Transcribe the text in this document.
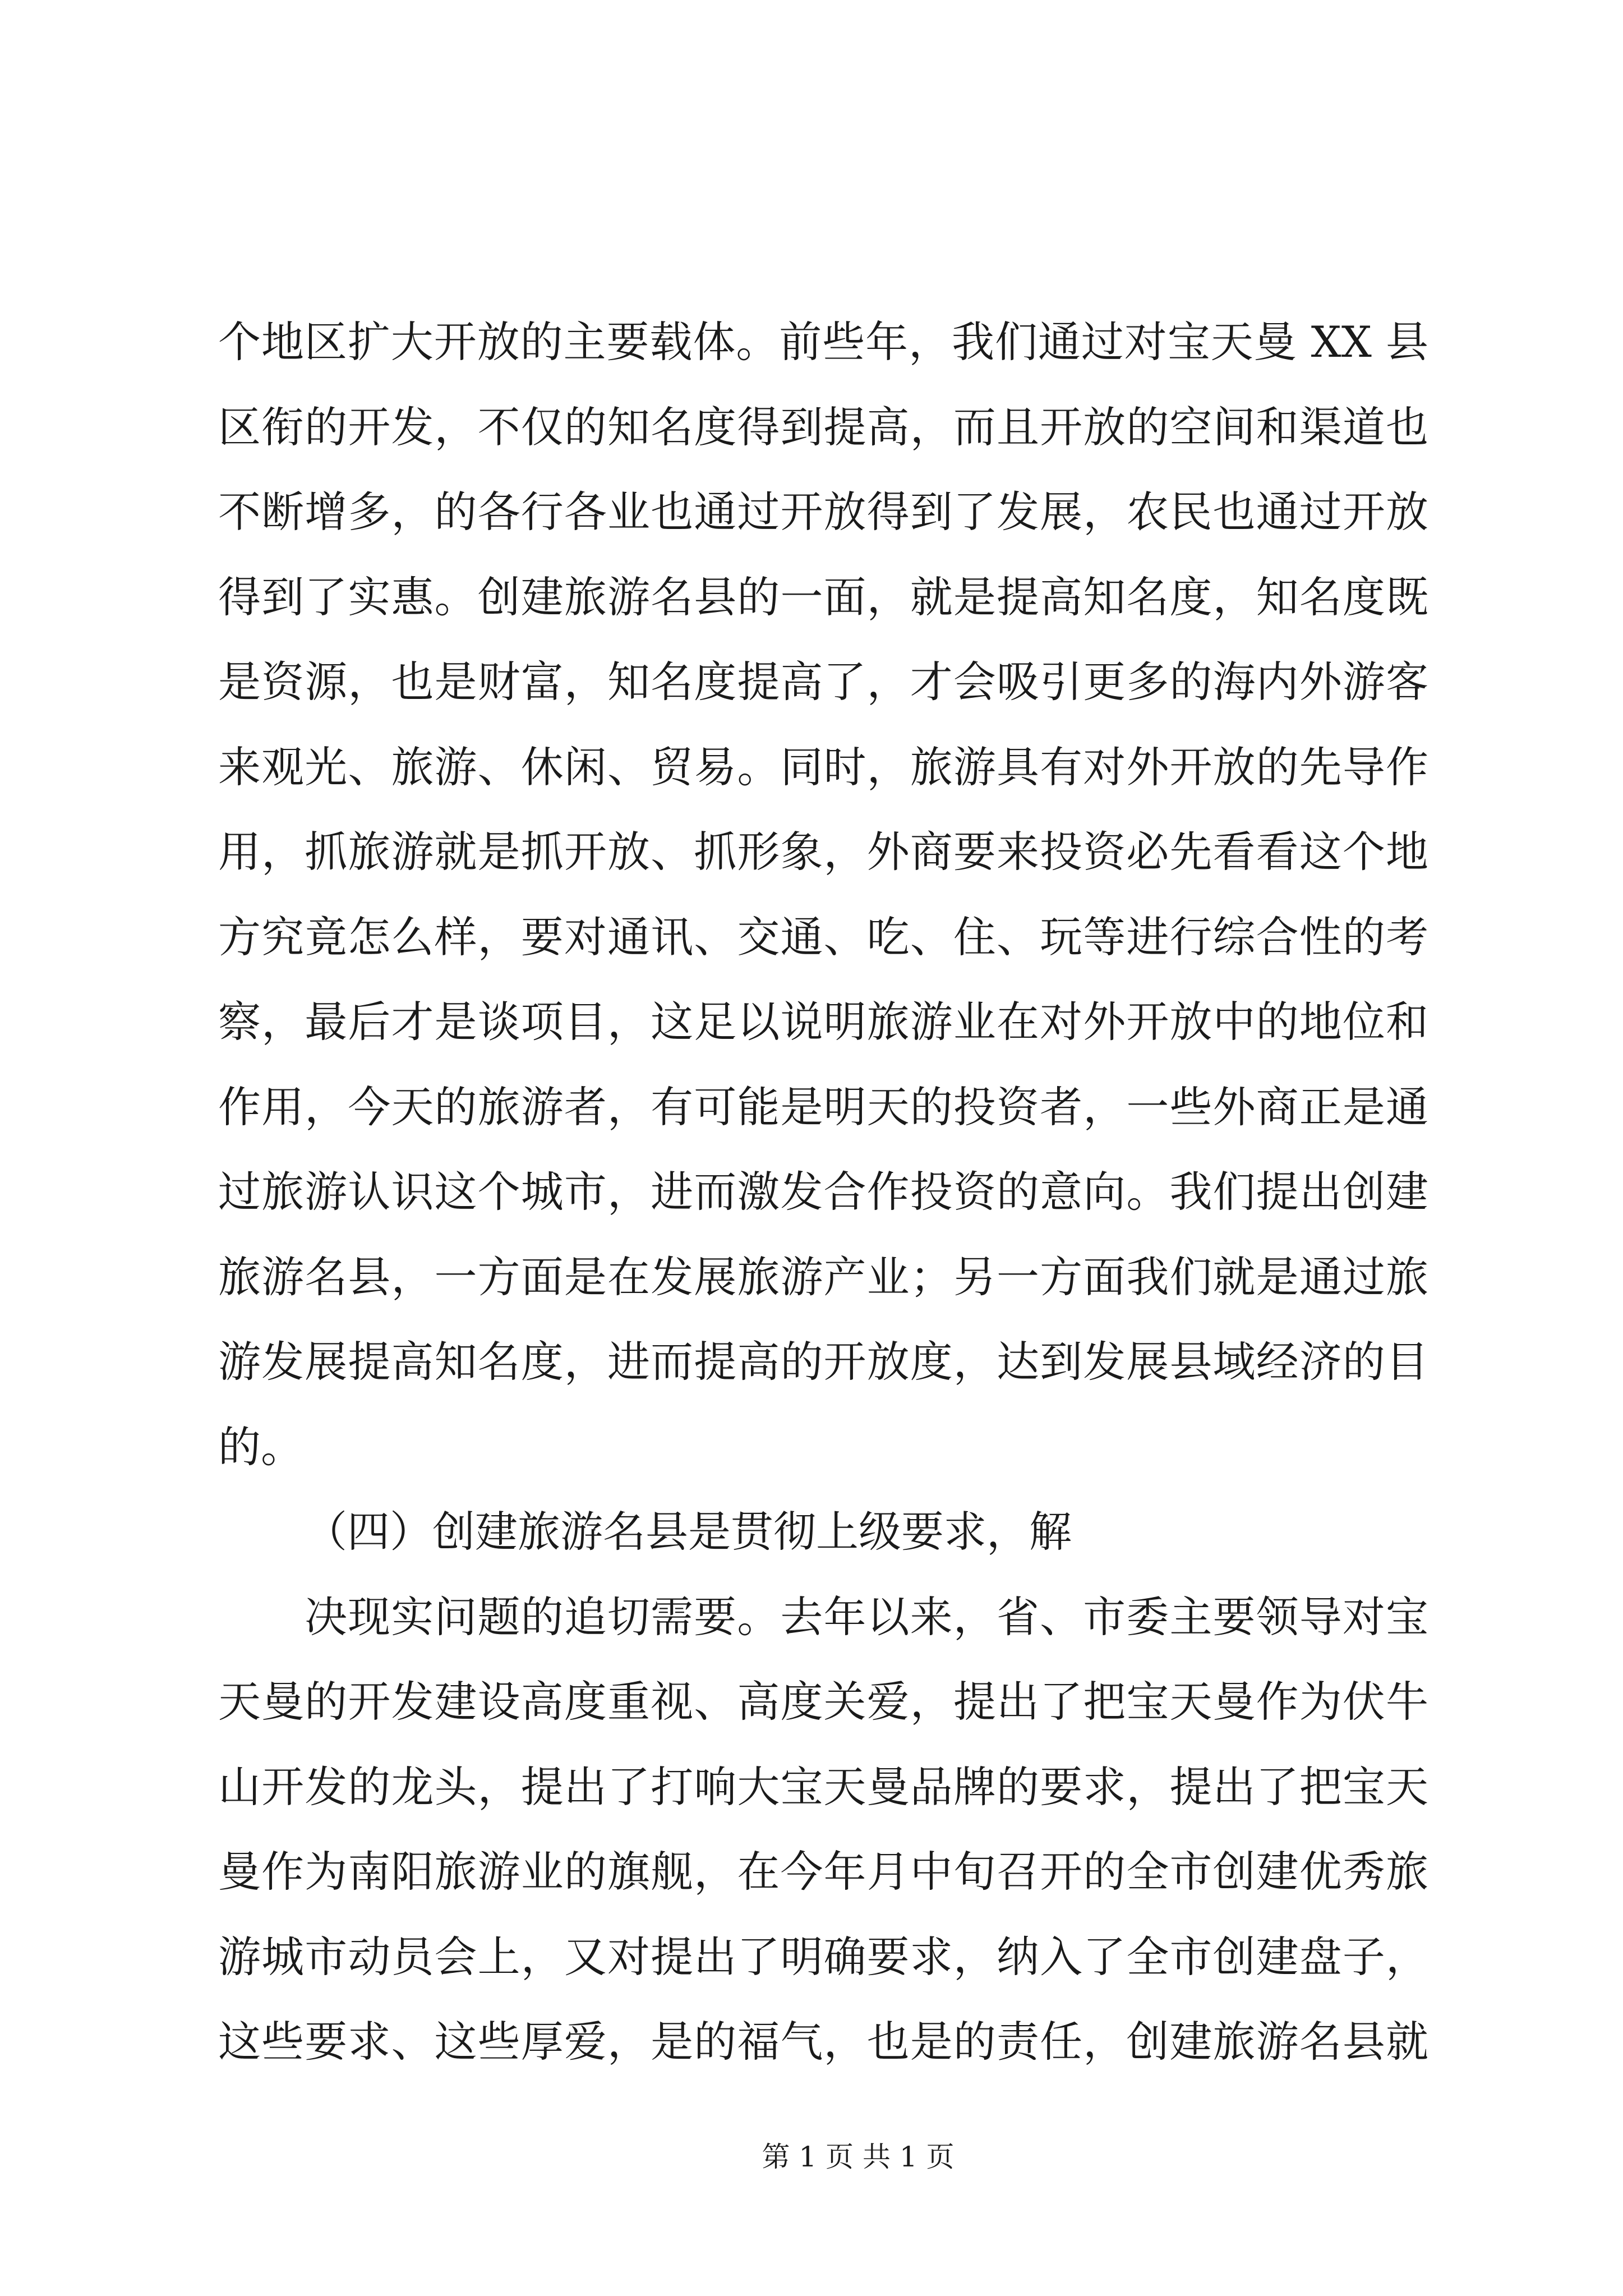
个地区扩大开放的主要载体。前些年，我们通过对宝天曼 XX 县
区衔的开发，不仅的知名度得到提高，而且开放的空间和渠道也
不断增多，的各行各业也通过开放得到了发展，农民也通过开放
得到了实惠。创建旅游名县的一面，就是提高知名度，知名度既
是资源，也是财富，知名度提高了，才会吸引更多的海内外游客
来观光、旅游、休闲、贸易。同时，旅游具有对外开放的先导作
用，抓旅游就是抓开放、抓形象，外商要来投资必先看看这个地
方究竟怎么样，要对通讯、交通、吃、住、玩等进行综合性的考
察，最后才是谈项目，这足以说明旅游业在对外开放中的地位和
作用，今天的旅游者，有可能是明天的投资者，一些外商正是通
过旅游认识这个城市，进而激发合作投资的意向。我们提出创建
旅游名县，一方面是在发展旅游产业；另一方面我们就是通过旅
游发展提高知名度，进而提高的开放度，达到发展县域经济的目
的。
（四）创建旅游名县是贯彻上级要求，解
决现实问题的追切需要。去年以来，省、市委主要领导对宝
天曼的开发建设高度重视、高度关爱，提出了把宝天曼作为伏牛
山开发的龙头，提出了打响大宝天曼品牌的要求，提出了把宝天
曼作为南阳旅游业的旗舰，在今年月中旬召开的全市创建优秀旅
游城市动员会上，又对提出了明确要求，纳入了全市创建盘子，
这些要求、这些厚爱，是的福气，也是的责任，创建旅游名县就
第 1 页 共 1 页
